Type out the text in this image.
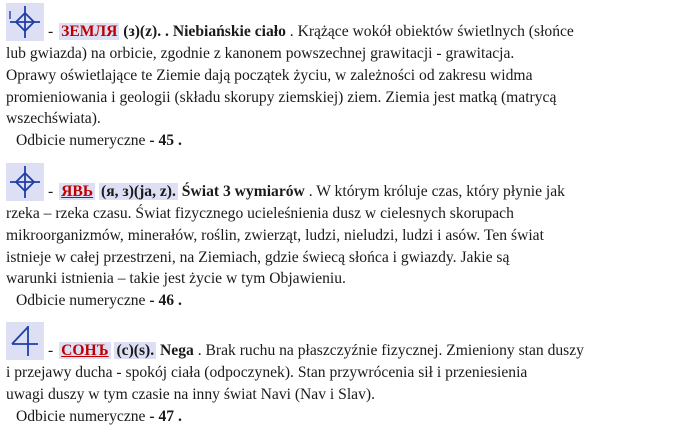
- ЗЕМЛЯ (з)(z). . Niebiańskie ciało . Krążące wokół obiektów świetlnych (słońce

lub gwiazda) na orbicie, zgodnie z kanonem powszechnej grawitacji - grawitacja.
Oprawy oświetlające te Ziemie dają początek życiu, w zależności od zakresu widma
promieniowania i geologii (składu skorupy ziemskiej) ziem. Ziemia jest matką (matrycą
wszechświata).

Odbicie numeryczne - 45 .

- ЯВЬ (я, з)(ja, z). Świat 3 wymiarów . W którym króluje czas, który płynie jak

rzeka – rzeka czasu. Świat fizycznego ucieleśnienia dusz w cielesnych skorupach
mikroorganizmów, minerałów, roślin, zwierząt, ludzi, nieludzi, ludzi i asów. Ten świat
istnieje w całej przestrzeni, na Ziemiach, gdzie świecą słońca i gwiazdy. Jakie są
warunki istnienia – takie jest życie w tym Objawieniu.

Odbicie numeryczne - 46 .

- СОНЪ (с)(s). Nega . Brak ruchu na płaszczyźnie fizycznej. Zmieniony stan duszy

i przejawy ducha - spokój ciała (odpoczynek). Stan przywrócenia sił i przeniesienia
uwagi duszy w tym czasie na inny świat Navi (Nav i Slav).

Odbicie numeryczne - 47 .
